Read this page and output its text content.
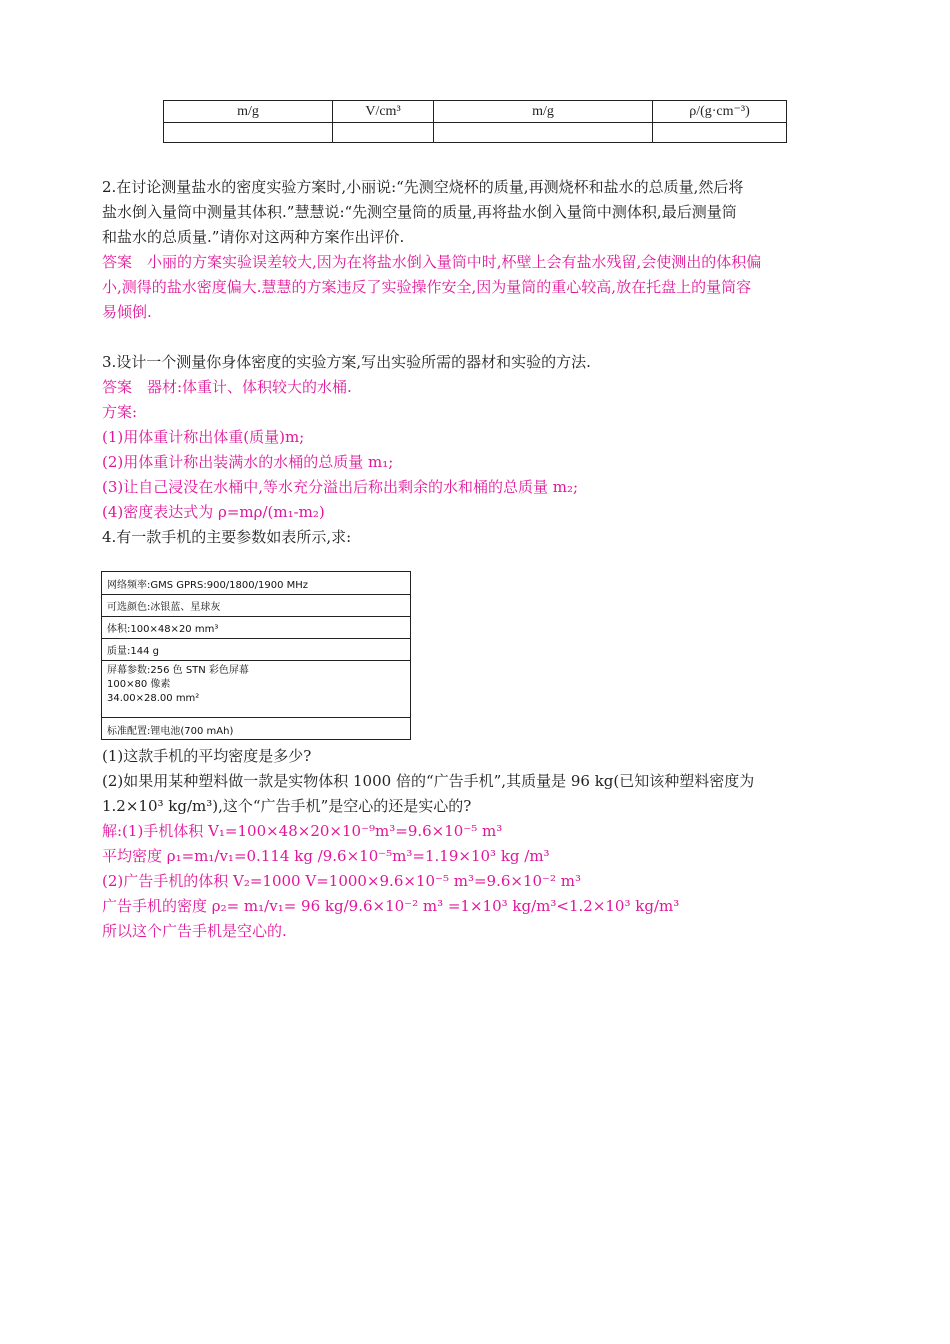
m/g	V/cm³	m/g	ρ/(g·cm⁻³)

2.在讨论测量盐水的密度实验方案时,小丽说:“先测空烧杯的质量,再测烧杯和盐水的总质量,然后将
盐水倒入量筒中测量其体积.”慧慧说:“先测空量筒的质量,再将盐水倒入量筒中测体积,最后测量筒
和盐水的总质量.”请你对这两种方案作出评价.
答案　小丽的方案实验误差较大,因为在将盐水倒入量筒中时,杯壁上会有盐水残留,会使测出的体积偏
小,测得的盐水密度偏大.慧慧的方案违反了实验操作安全,因为量筒的重心较高,放在托盘上的量筒容
易倾倒.
3.设计一个测量你身体密度的实验方案,写出实验所需的器材和实验的方法.
答案　器材:体重计、体积较大的水桶.
方案:
(1)用体重计称出体重(质量)m;
(2)用体重计称出装满水的水桶的总质量 m₁;
(3)让自己浸没在水桶中,等水充分溢出后称出剩余的水和桶的总质量 m₂;
(4)密度表达式为 ρ=mρ/(m₁-m₂)
4.有一款手机的主要参数如表所示,求:
网络频率:GMS GPRS:900/1800/1900 MHz
可选颜色:冰银蓝、星球灰
体积:100×48×20 mm³
质量:144 g
屏幕参数:256 色 STN 彩色屏幕
100×80 像素
34.00×28.00 mm²
标准配置:锂电池(700 mAh)
(1)这款手机的平均密度是多少?
(2)如果用某种塑料做一款是实物体积 1000 倍的“广告手机”,其质量是 96 kg(已知该种塑料密度为
1.2×10³ kg/m³),这个“广告手机”是空心的还是实心的?
解:(1)手机体积 V₁=100×48×20×10⁻⁹m³=9.6×10⁻⁵ m³
平均密度 ρ₁=m₁/v₁=0.114 kg /9.6×10⁻⁵m³=1.19×10³ kg /m³
(2)广告手机的体积 V₂=1000 V=1000×9.6×10⁻⁵ m³=9.6×10⁻² m³
广告手机的密度 ρ₂= m₁/v₁= 96 kg/9.6×10⁻² m³ =1×10³ kg/m³<1.2×10³ kg/m³
所以这个广告手机是空心的.
